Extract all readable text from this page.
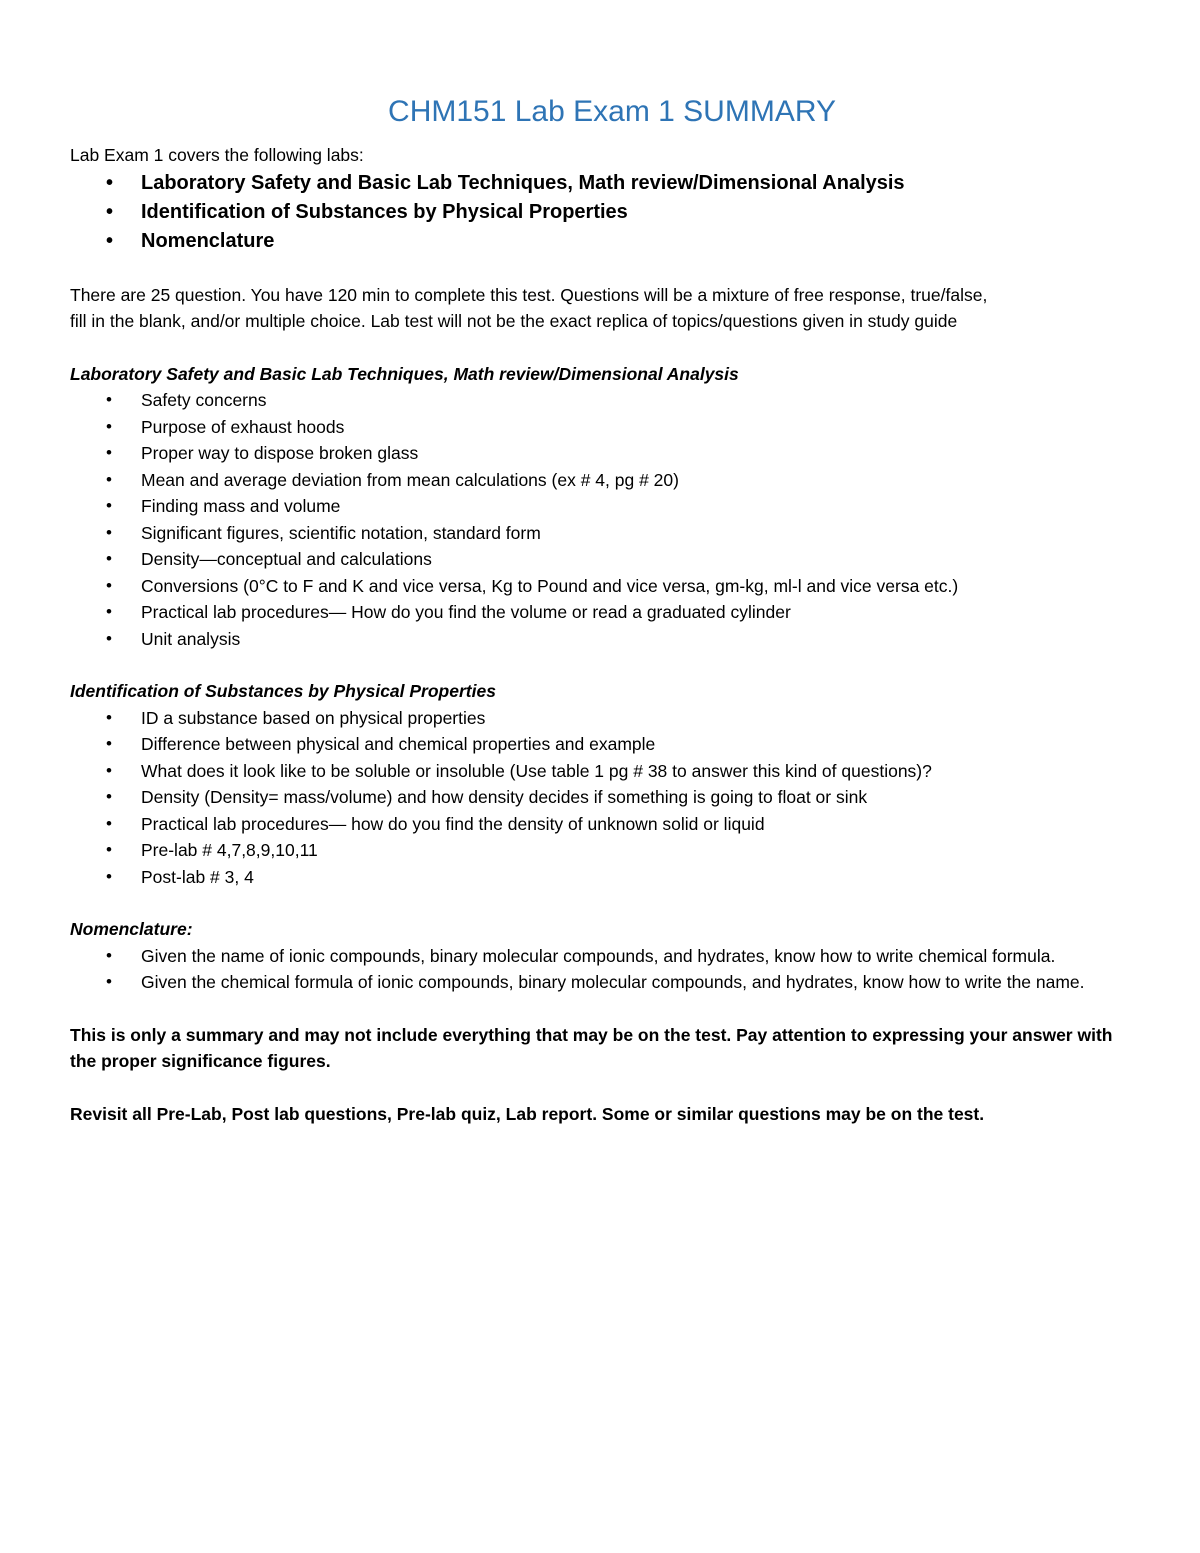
CHM151 Lab Exam 1 SUMMARY

Lab Exam 1 covers the following labs:

• Laboratory Safety and Basic Lab Techniques, Math review/Dimensional Analysis
• Identification of Substances by Physical Properties
• Nomenclature

There are 25 question. You have 120 min to complete this test. Questions will be a mixture of free response, true/false,

fill in the blank, and/or multiple choice. Lab test will not be the exact replica of topics/questions given in study guide

Laboratory Safety and Basic Lab Techniques, Math review/Dimensional Analysis

• Safety concerns
• Purpose of exhaust hoods
• Proper way to dispose broken glass
• Mean and average deviation from mean calculations (ex # 4, pg # 20)
• Finding mass and volume
• Significant figures, scientific notation, standard form
• Density—conceptual and calculations
• Conversions (0°C to F and K and vice versa, Kg to Pound and vice versa, gm-kg, ml-l and vice versa etc.)
• Practical lab procedures— How do you find the volume or read a graduated cylinder
• Unit analysis

Identification of Substances by Physical Properties

• ID a substance based on physical properties
• Difference between physical and chemical properties and example
• What does it look like to be soluble or insoluble (Use table 1 pg # 38 to answer this kind of questions)?
• Density (Density= mass/volume) and how density decides if something is going to float or sink
• Practical lab procedures— how do you find the density of unknown solid or liquid
• Pre-lab # 4,7,8,9,10,11
• Post-lab # 3, 4

Nomenclature:

• Given the name of ionic compounds, binary molecular compounds, and hydrates, know how to write chemical formula.
• Given the chemical formula of ionic compounds, binary molecular compounds, and hydrates, know how to write the name.

This is only a summary and may not include everything that may be on the test. Pay attention to expressing your answer with the proper significance figures.

Revisit all Pre-Lab, Post lab questions, Pre-lab quiz, Lab report. Some or similar questions may be on the test.
